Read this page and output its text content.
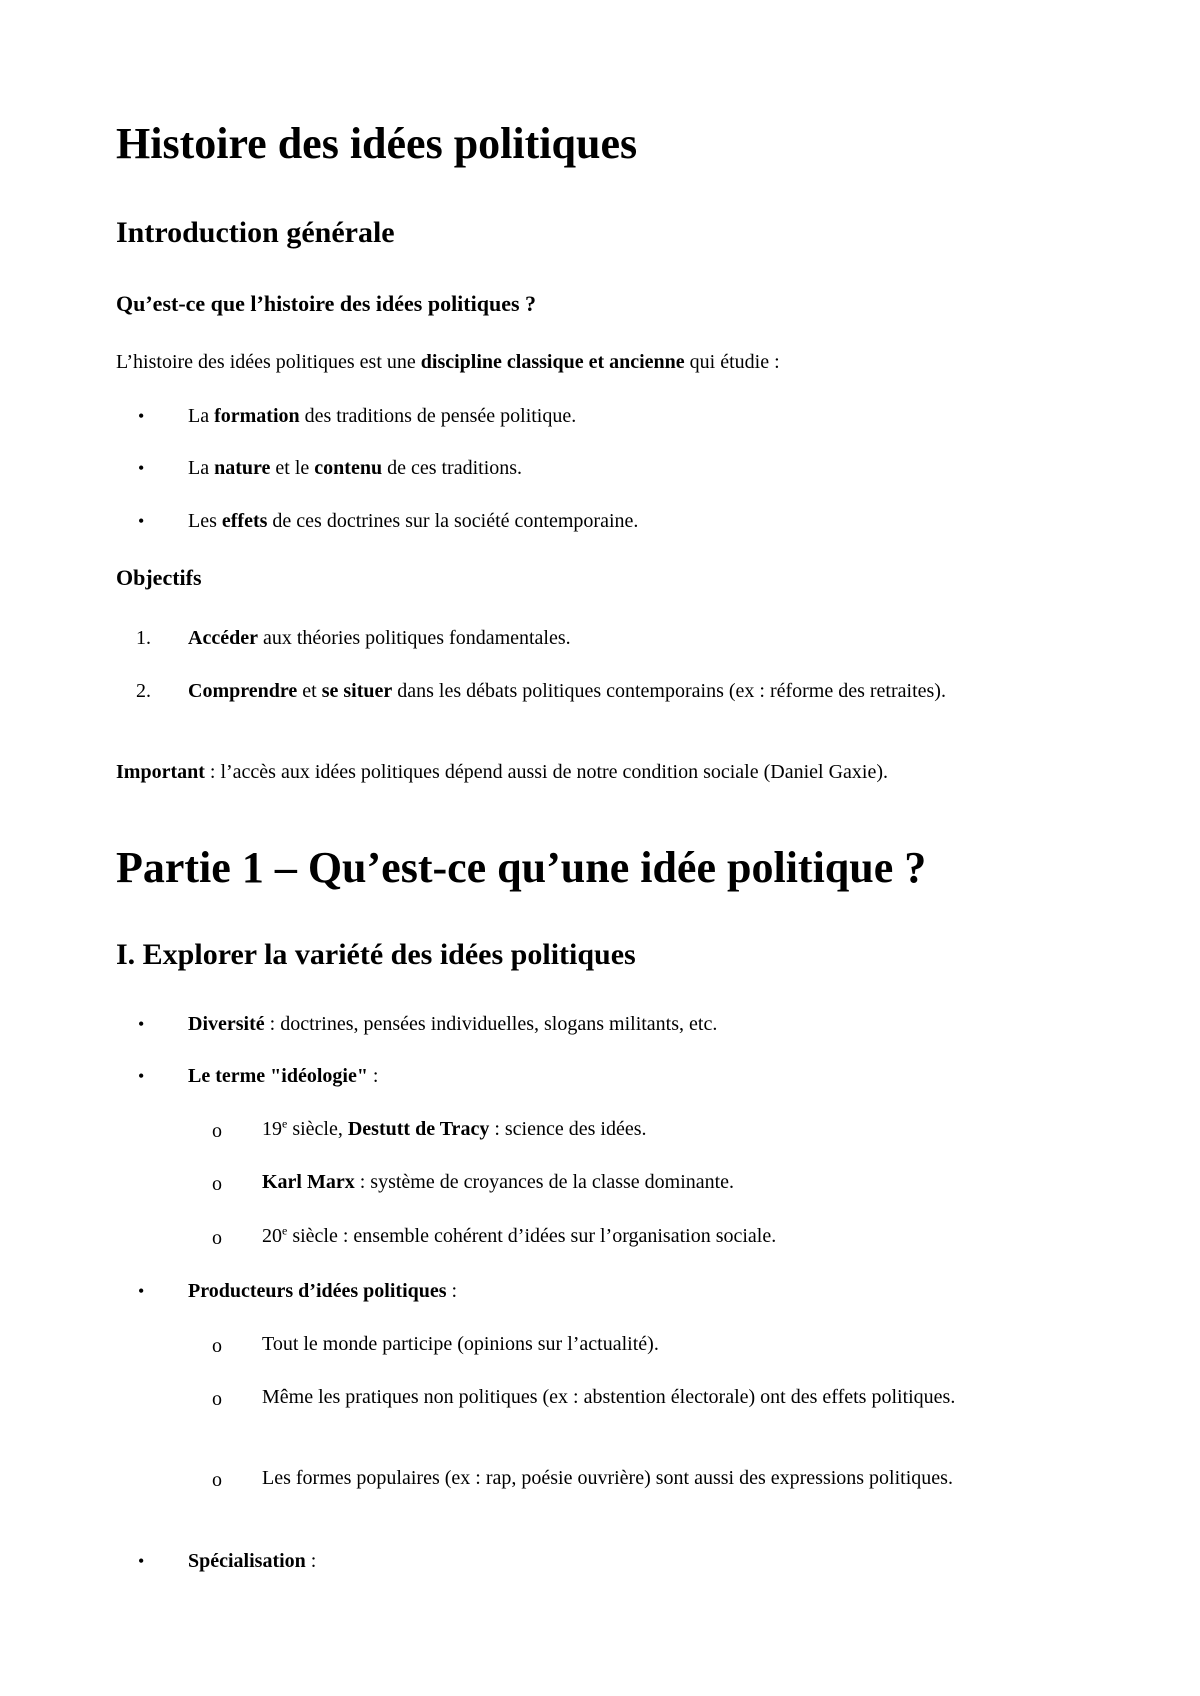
Histoire des idées politiques
Introduction générale
Qu’est-ce que l’histoire des idées politiques ?

L’histoire des idées politiques est une discipline classique et ancienne qui étudie :

• La formation des traditions de pensée politique.

• La nature et le contenu de ces traditions.

• Les effets de ces doctrines sur la société contemporaine.

Objectifs
1. Accéder aux théories politiques fondamentales.

2. Comprendre et se situer dans les débats politiques contemporains (ex : réforme des retraites).

Important : l’accès aux idées politiques dépend aussi de notre condition sociale (Daniel Gaxie).

Partie 1 – Qu’est-ce qu’une idée politique ?
I. Explorer la variété des idées politiques
• Diversité : doctrines, pensées individuelles, slogans militants, etc.

• Le terme "idéologie" :

o 19e siècle, Destutt de Tracy : science des idées.

o Karl Marx : système de croyances de la classe dominante.

o 20e siècle : ensemble cohérent d’idées sur l’organisation sociale.

• Producteurs d’idées politiques :

o Tout le monde participe (opinions sur l’actualité).

o Même les pratiques non politiques (ex : abstention électorale) ont des effets politiques.

o Les formes populaires (ex : rap, poésie ouvrière) sont aussi des expressions politiques.

• Spécialisation :
